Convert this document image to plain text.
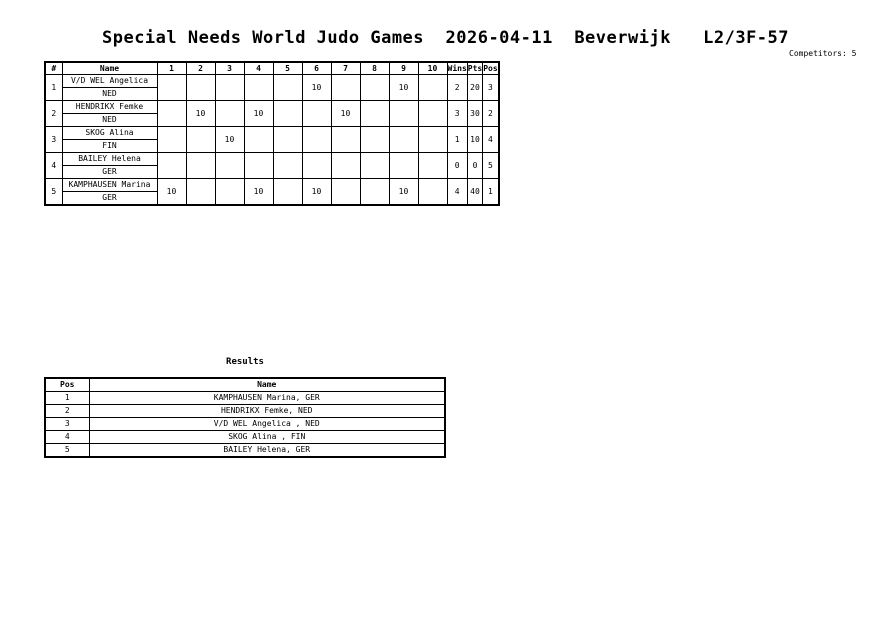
Special Needs World Judo Games  2026-04-11  Beverwijk   L2/3F-57
Competitors: 5
#	Name	1	2	3	4	5	6	7	8	9	10	Wins	Pts	Pos
1	V/D WEL Angelica						10			10		2	20	3
	NED													
2	HENDRIKX Femke		10		10			10				3	30	2
	NED													
3	SKOG Alina			10								1	10	4
	FIN													
4	BAILEY Helena											0	0	5
	GER													
5	KAMPHAUSEN Marina	10			10		10			10		4	40	1
	GER													
Results
Pos	Name
1	KAMPHAUSEN Marina, GER
2	HENDRIKX Femke, NED
3	V/D WEL Angelica , NED
4	SKOG Alina , FIN
5	BAILEY Helena, GER
